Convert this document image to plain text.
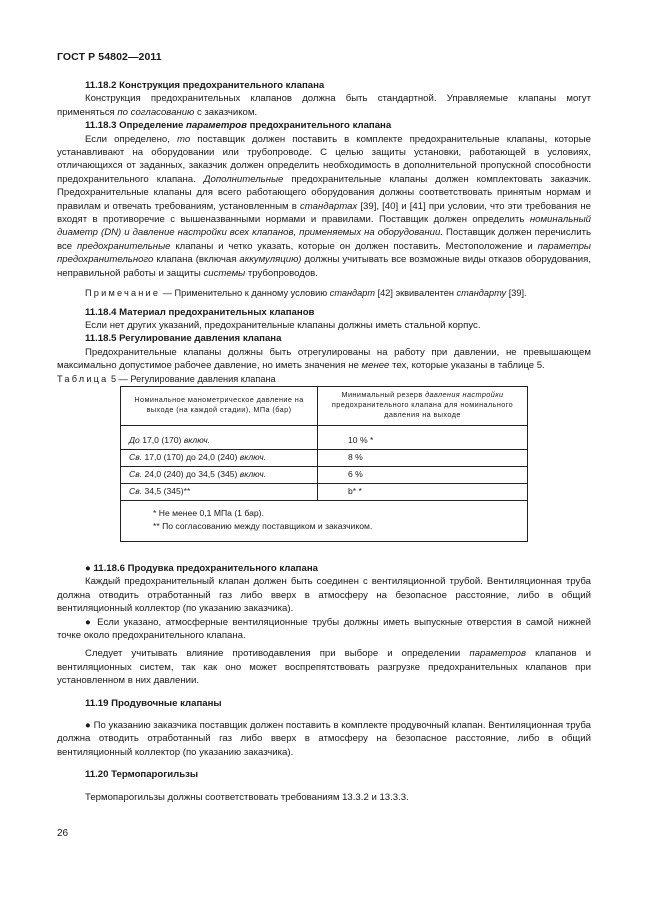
ГОСТ Р 54802—2011

11.18.2 Конструкция предохранительного клапана

Конструкция предохранительных клапанов должна быть стандартной. Управляемые клапаны могут применяться по согласованию с заказчиком.

11.18.3 Определение параметров предохранительного клапана

Если определено, то поставщик должен поставить в комплекте предохранительные клапаны, которые устанавливают на оборудовании или трубопроводе. С целью защиты установки, работающей в условиях, отличающихся от заданных, заказчик должен определить необходимость в дополнительной пропускной способности предохранительного клапана. Дополнительные предохранительные клапаны должен комплектовать заказчик. Предохранительные клапаны для всего работающего оборудования должны соответствовать принятым нормам и правилам и отвечать требованиям, установленным в стандартах [39], [40] и [41] при условии, что эти требования не входят в противоречие с вышеназванными нормами и правилами. Поставщик должен определить номинальный диаметр (DN) и давление настройки всех клапанов, применяемых на оборудовании. Поставщик должен перечислить все предохранительные клапаны и четко указать, которые он должен поставить. Местоположение и параметры предохранительного клапана (включая аккумуляцию) должны учитывать все возможные виды отказов оборудования, неправильной работы и защиты системы трубопроводов.

Примечание — Применительно к данному условию стандарт [42] эквивалентен стандарту [39].

11.18.4 Материал предохранительных клапанов

Если нет других указаний, предохранительные клапаны должны иметь стальной корпус.

11.18.5 Регулирование давления клапана

Предохранительные клапаны должны быть отрегулированы на работу при давлении, не превышающем максимально допустимое рабочее давление, но иметь значения не менее тех, которые указаны в таблице 5.

Таблица 5 — Регулирование давления клапана

Номинальное манометрическое давление на выходе (на каждой стадии), МПа (бар)	Минимальный резерв давления настройки предохранительного клапана для номинального давления на выходе
До 17,0 (170) включ.	10 % *
Св. 17,0 (170) до 24,0 (240) включ.	8 %
Св. 24,0 (240) до 34,5 (345) включ.	6 %
Св. 34,5 (345)**	b* *

* Не менее 0,1 МПа (1 бар).
** По согласованию между поставщиком и заказчиком.	

● 11.18.6 Продувка предохранительного клапана

Каждый предохранительный клапан должен быть соединен с вентиляционной трубой. Вентиляционная труба должна отводить отработанный газ либо вверх в атмосферу на безопасное расстояние, либо в общий вентиляционный коллектор (по указанию заказчика).

● Если указано, атмосферные вентиляционные трубы должны иметь выпускные отверстия в самой нижней точке около предохранительного клапана.

Следует учитывать влияние противодавления при выборе и определении параметров клапанов и вентиляционных систем, так как оно может воспрепятствовать разгрузке предохранительных клапанов при установленном в них давлении.

11.19 Продувочные клапаны

● По указанию заказчика поставщик должен поставить в комплекте продувочный клапан. Вентиляционная труба должна отводить отработанный газ либо вверх в атмосферу на безопасное расстояние, либо в общий вентиляционный коллектор (по указанию заказчика).

11.20 Термопарогильзы

Термопарогильзы должны соответствовать требованиям 13.3.2 и 13.3.3.

26
